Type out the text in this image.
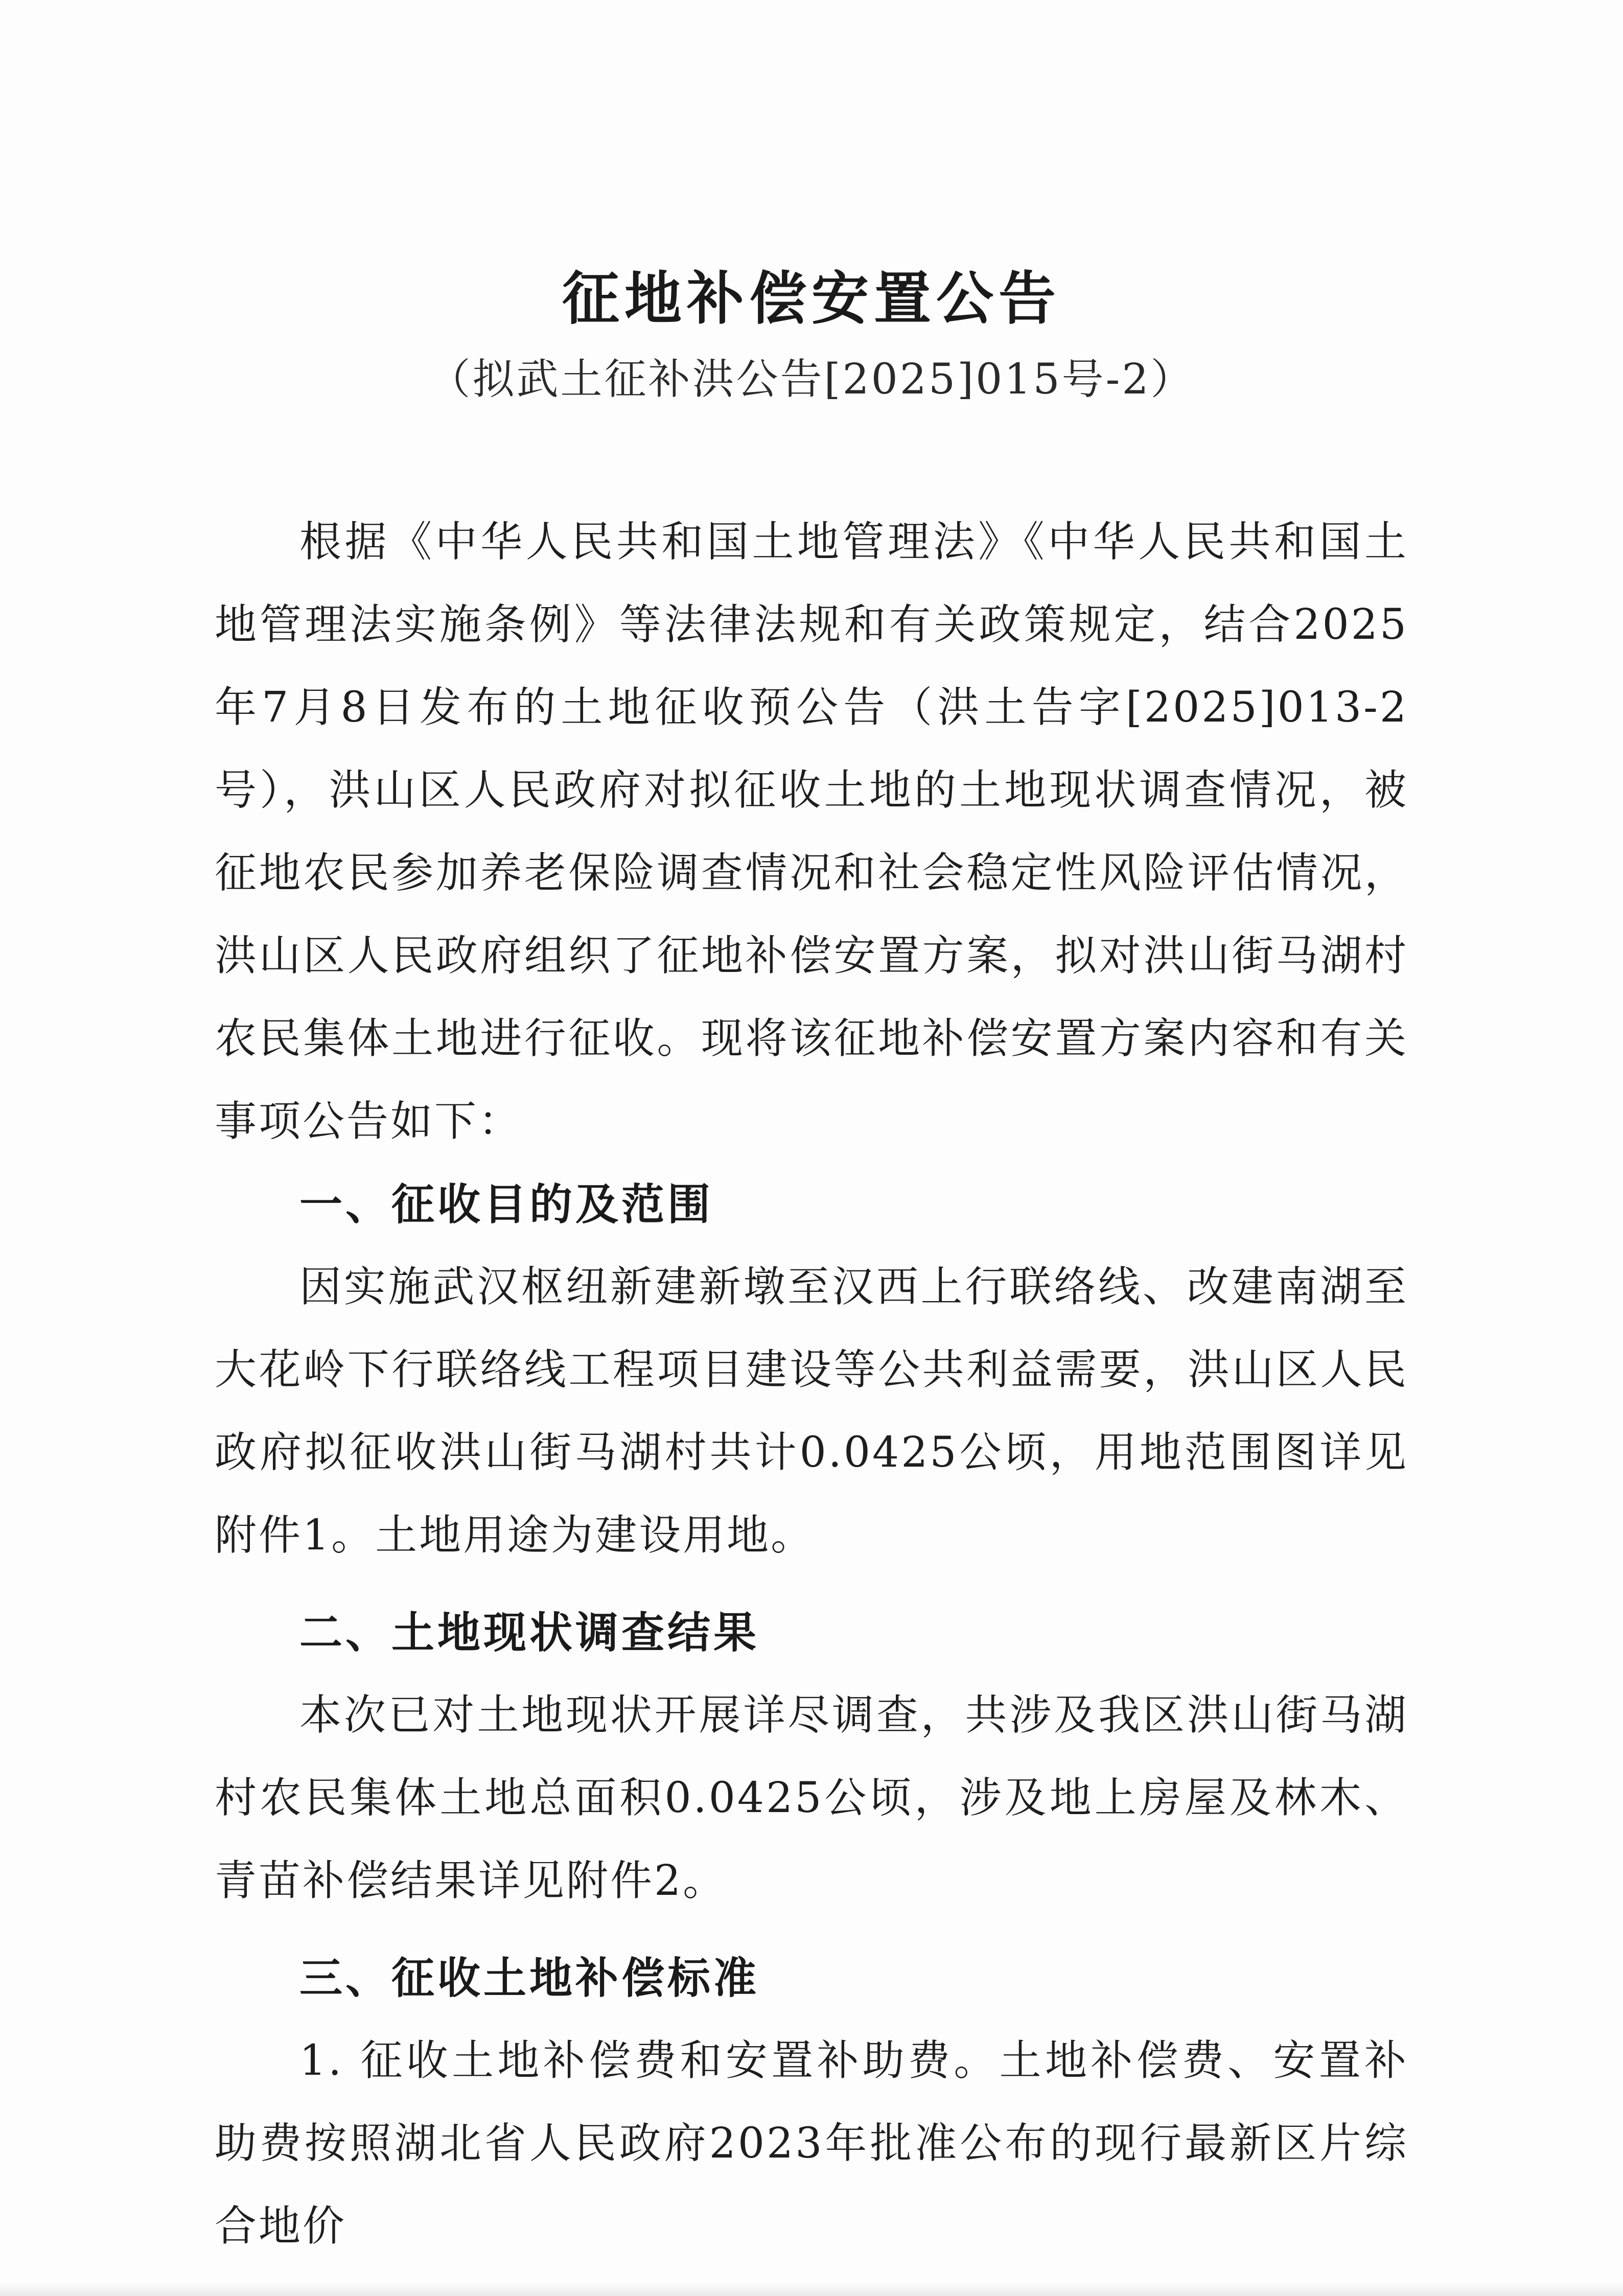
征地补偿安置公告
（拟武土征补洪公告[2025]015号-2）

根据《中华人民共和国土地管理法》《中华人民共和国土地管理法实施条例》等法律法规和有关政策规定，结合2025年7月8日发布的土地征收预公告（洪土告字[2025]013-2号），洪山区人民政府对拟征收土地的土地现状调查情况，被征地农民参加养老保险调查情况和社会稳定性风险评估情况，洪山区人民政府组织了征地补偿安置方案，拟对洪山街马湖村农民集体土地进行征收。现将该征地补偿安置方案内容和有关事项公告如下：

一、征收目的及范围

因实施武汉枢纽新建新墩至汉西上行联络线、改建南湖至大花岭下行联络线工程项目建设等公共利益需要，洪山区人民政府拟征收洪山街马湖村共计0.0425公顷，用地范围图详见附件1。土地用途为建设用地。

二、土地现状调查结果

本次已对土地现状开展详尽调查，共涉及我区洪山街马湖村农民集体土地总面积0.0425公顷，涉及地上房屋及林木、青苗补偿结果详见附件2。

三、征收土地补偿标准

1. 征收土地补偿费和安置补助费。土地补偿费、安置补助费按照湖北省人民政府2023年批准公布的现行最新区片综合地价
